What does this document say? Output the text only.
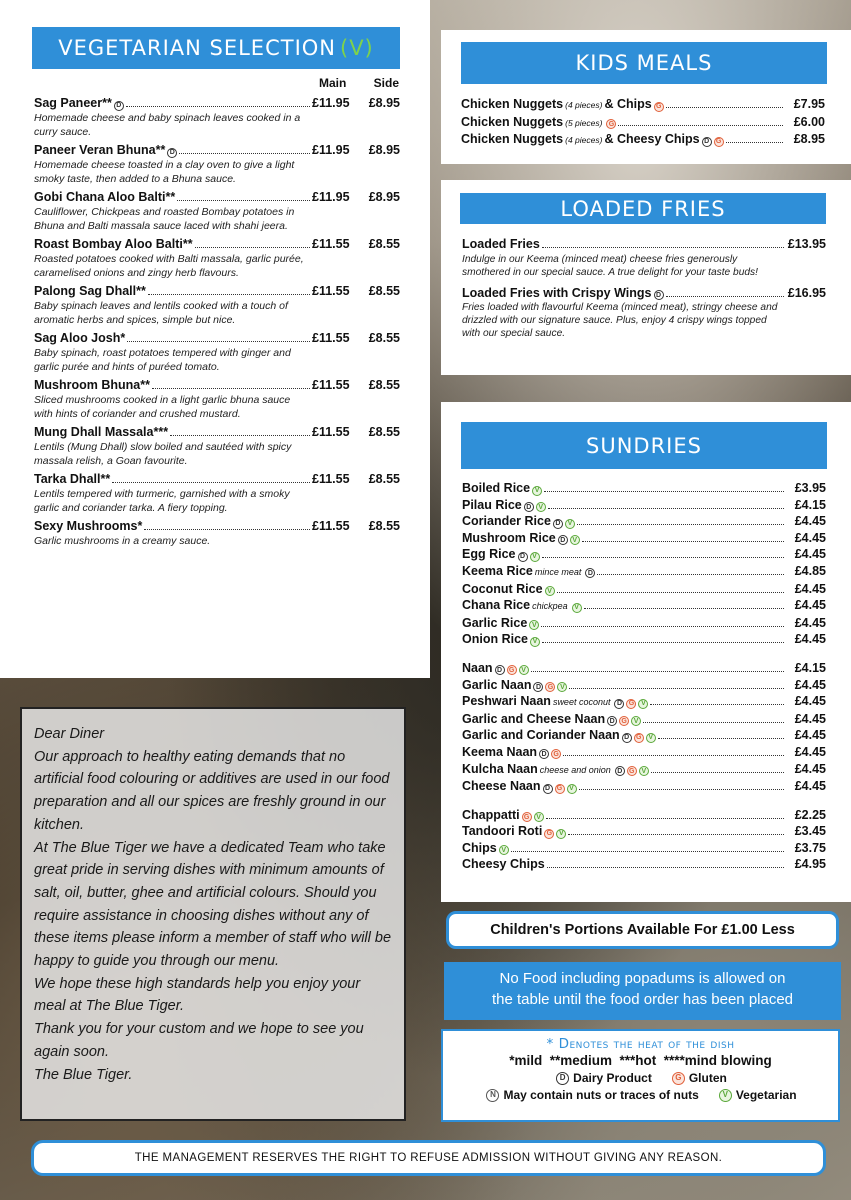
VEGETARIAN SELECTION (V)
Main Side
Sag Paneer** D	£11.95	£8.95
Homemade cheese and baby spinach leaves cooked in a curry sauce.
Paneer Veran Bhuna** D	£11.95	£8.95
Homemade cheese toasted in a clay oven to give a light smoky taste, then added to a Bhuna sauce.
Gobi Chana Aloo Balti**	£11.95	£8.95
Cauliflower, Chickpeas and roasted Bombay potatoes in Bhuna and Balti massala sauce laced with shahi jeera.
Roast Bombay Aloo Balti**	£11.55	£8.55
Roasted potatoes cooked with Balti massala, garlic purée, caramelised onions and zingy herb flavours.
Palong Sag Dhall**	£11.55	£8.55
Baby spinach leaves and lentils cooked with a touch of aromatic herbs and spices, simple but nice.
Sag Aloo Josh*	£11.55	£8.55
Baby spinach, roast potatoes tempered with ginger and garlic purée and hints of puréed tomato.
Mushroom Bhuna**	£11.55	£8.55
Sliced mushrooms cooked in a light garlic bhuna sauce with hints of coriander and crushed mustard.
Mung Dhall Massala***	£11.55	£8.55
Lentils (Mung Dhall) slow boiled and sautéed with spicy massala relish, a Goan favourite.
Tarka Dhall**	£11.55	£8.55
Lentils tempered with turmeric, garnished with a smoky garlic and coriander tarka. A fiery topping.
Sexy Mushrooms*	£11.55	£8.55
Garlic mushrooms in a creamy sauce.

Dear Diner

Our approach to healthy eating demands that no artificial food colouring or additives are used in our food preparation and all our spices are freshly ground in our kitchen.

At The Blue Tiger we have a dedicated Team who take great pride in serving dishes with minimum amounts of salt, oil, butter, ghee and artificial colours. Should you require assistance in choosing dishes without any of these items please inform a member of staff who will be happy to guide you through our menu.

We hope these high standards help you enjoy your meal at The Blue Tiger.

Thank you for your custom and we hope to see you again soon.

The Blue Tiger.

KIDS MEALS
Chicken Nuggets (4 pieces) & Chips G	£7.95
Chicken Nuggets (5 pieces) G	£6.00
Chicken Nuggets (4 pieces) & Cheesy Chips D G	£8.95
LOADED FRIES
Loaded Fries	£13.95
Indulge in our Keema (minced meat) cheese fries generously smothered in our special sauce. A true delight for your taste buds!
Loaded Fries with Crispy Wings D	£16.95
Fries loaded with flavourful Keema (minced meat), stringy cheese and drizzled with our signature sauce. Plus, enjoy 4 crispy wings topped with our special sauce.
SUNDRIES
Boiled Rice V	£3.95
Pilau Rice D	V	£4.15
Coriander Rice D	V	£4.45
Mushroom Rice D	V	£4.45
Egg Rice D	V	£4.45
Keema Rice mince meat D	£4.85
Coconut Rice V	£4.45
Chana Rice chickpea V	£4.45
Garlic Rice V	£4.45
Onion Rice V	£4.45
Naan D G V	£4.15
Garlic Naan D G V	£4.45
Peshwari Naan sweet coconut D G V	£4.45
Garlic and Cheese Naan D G V	£4.45
Garlic and Coriander Naan D G V	£4.45
Keema Naan D G	£4.45
Kulcha Naan cheese and onion D G V	£4.45
Cheese Naan D G V	£4.45
Chappatti G V	£2.25
Tandoori Roti G V	£3.45
Chips V	£3.75
Cheesy Chips	£4.95
Children's Portions Available For £1.00 Less
No Food including popadums is allowed on
the table until the food order has been placed
* Denotes the heat of the dish
*mild  **medium  ***hot  ****mind blowing
D Dairy Product	G Gluten
N May contain nuts or traces of nuts	V Vegetarian
THE MANAGEMENT RESERVES THE RIGHT TO REFUSE ADMISSION WITHOUT GIVING ANY REASON.
